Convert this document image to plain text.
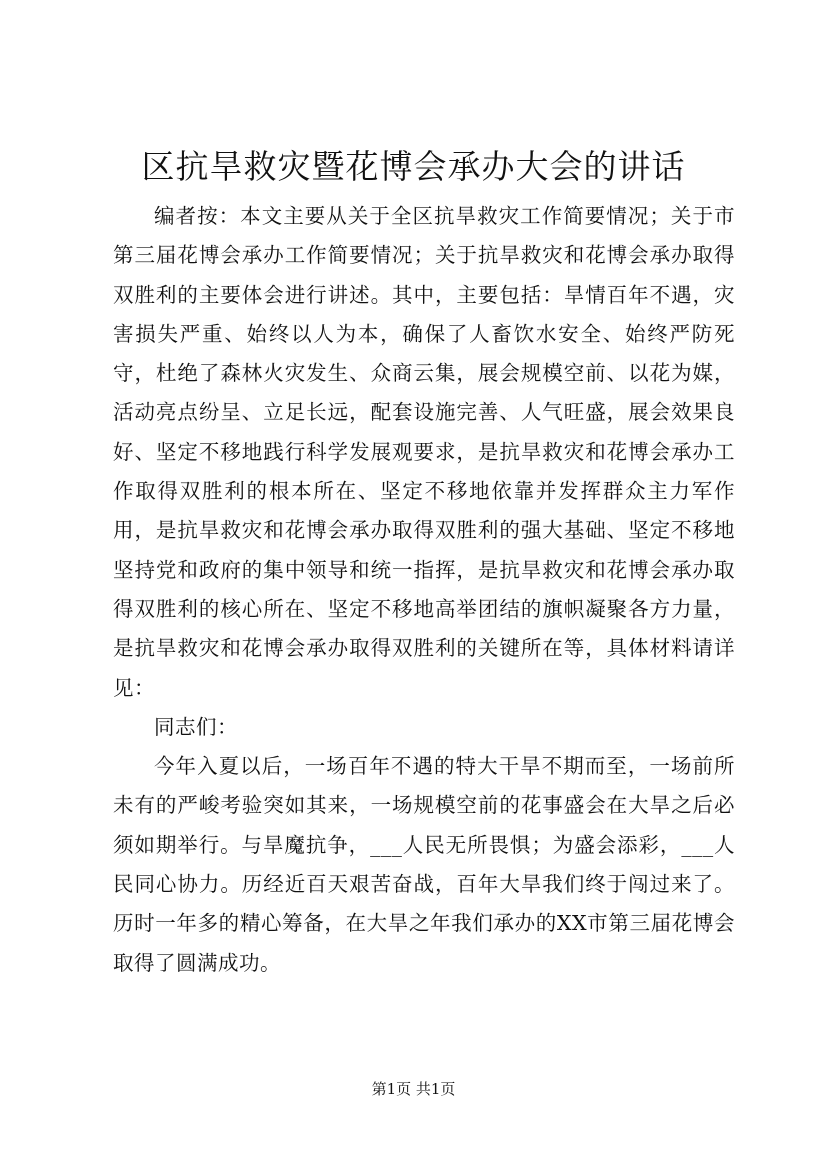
区抗旱救灾暨花博会承办大会的讲话

编者按：本文主要从关于全区抗旱救灾工作简要情况；关于市第三届花博会承办工作简要情况；关于抗旱救灾和花博会承办取得双胜利的主要体会进行讲述。其中，主要包括：旱情百年不遇，灾害损失严重、始终以人为本，确保了人畜饮水安全、始终严防死守，杜绝了森林火灾发生、众商云集，展会规模空前、以花为媒，活动亮点纷呈、立足长远，配套设施完善、人气旺盛，展会效果良好、坚定不移地践行科学发展观要求，是抗旱救灾和花博会承办工作取得双胜利的根本所在、坚定不移地依靠并发挥群众主力军作用，是抗旱救灾和花博会承办取得双胜利的强大基础、坚定不移地坚持党和政府的集中领导和统一指挥，是抗旱救灾和花博会承办取得双胜利的核心所在、坚定不移地高举团结的旗帜凝聚各方力量，是抗旱救灾和花博会承办取得双胜利的关键所在等，具体材料请详见：

同志们：

今年入夏以后，一场百年不遇的特大干旱不期而至，一场前所未有的严峻考验突如其来，一场规模空前的花事盛会在大旱之后必须如期举行。与旱魔抗争，___人民无所畏惧；为盛会添彩，___人民同心协力。历经近百天艰苦奋战，百年大旱我们终于闯过来了。历时一年多的精心筹备，在大旱之年我们承办的XX市第三届花博会取得了圆满成功。

第1页 共1页
